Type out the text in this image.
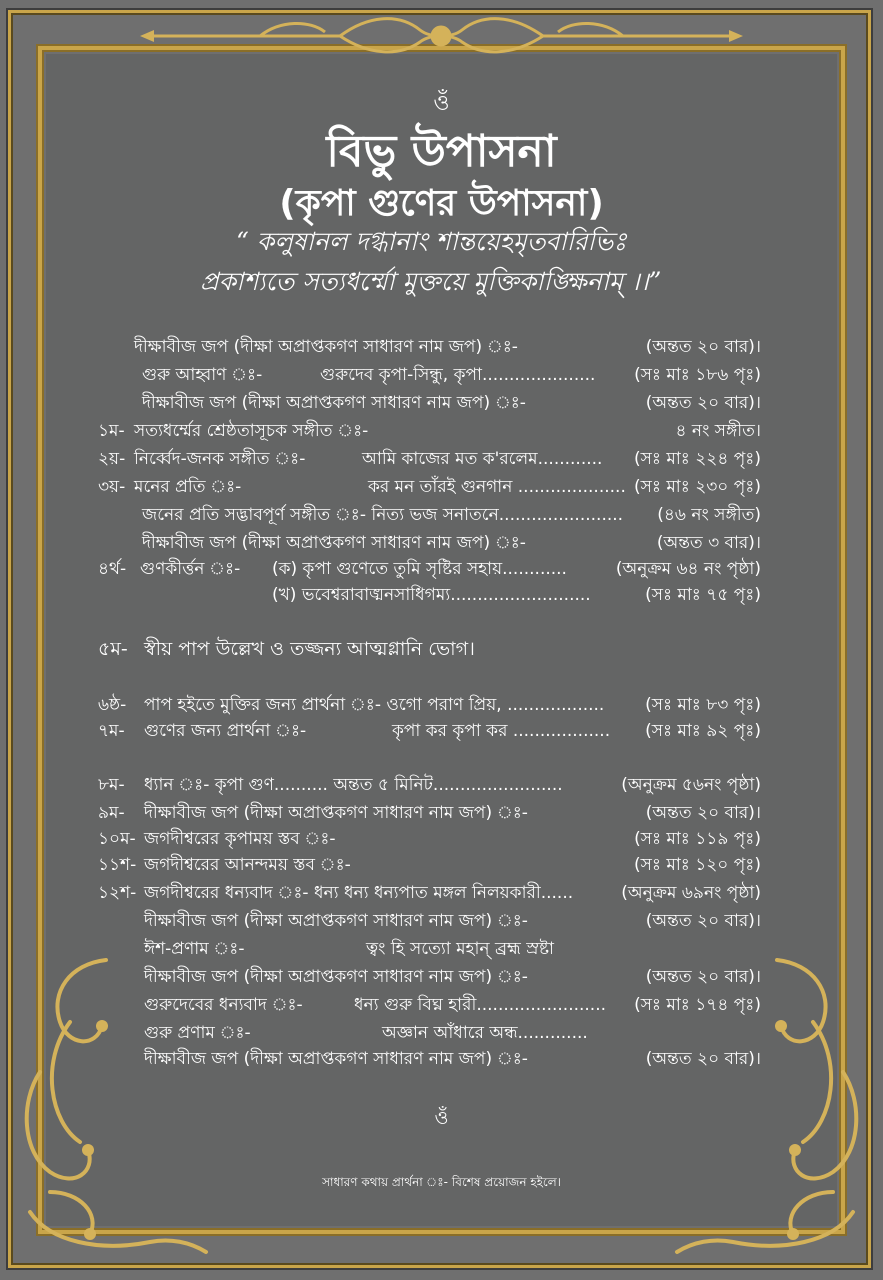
ওঁ
বিভু উপাসনা
(কৃপা গুণের উপাসনা)
“ কলুষানল দগ্ধানাং শান্তয়েহমৃতবারিভিঃ
প্রকাশ্যতে সত্যধর্ম্মো মুক্তয়ে মুক্তিকাঙ্ক্ষিনাম্ ।।”
দীক্ষাবীজ জপ (দীক্ষা অপ্রাপ্তকগণ সাধারণ নাম জপ) ঃ-	(অন্তত ২০ বার)।
গুরু আহ্বাণ ঃ-	গুরুদেব কৃপা-সিন্ধু, কৃপা..................... (সঃ মাঃ ১৮৬ পৃঃ)
দীক্ষাবীজ জপ (দীক্ষা অপ্রাপ্তকগণ সাধারণ নাম জপ) ঃ-	(অন্তত ২০ বার)।
১ম- সত্যধর্ম্মের শ্রেষ্ঠতাসূচক সঙ্গীত ঃ-	৪ নং সঙ্গীত।
২য়- নির্ব্বেদ-জনক সঙ্গীত ঃ-	আমি কাজের মত ক'রলেম............ (সঃ মাঃ ২২৪ পৃঃ)
৩য়- মনের প্রতি ঃ-	কর মন তাঁরই গুনগান .................... (সঃ মাঃ ২৩০ পৃঃ)
জনের প্রতি সদ্ভাবপূর্ণ সঙ্গীত ঃ- নিত্য ভজ সনাতনে....................... (৪৬ নং সঙ্গীত)
দীক্ষাবীজ জপ (দীক্ষা অপ্রাপ্তকগণ সাধারণ নাম জপ) ঃ-	(অন্তত ৩ বার)।
৪র্থ- গুণকীর্ত্তন ঃ- (ক) কৃপা গুণেতে তুমি সৃষ্টির সহায়............	(অনুক্রম ৬৪ নং পৃষ্ঠা)
(খ) ভবেশ্বরাবাঙ্মনসাধিগম্য..........................	(সঃ মাঃ ৭৫ পৃঃ)
৫ম- স্বীয় পাপ উল্লেখ ও তজ্জন্য আত্মগ্লানি ভোগ।
৬ষ্ঠ- পাপ হইতে মুক্তির জন্য প্রার্থনা ঃ- ওগো পরাণ প্রিয়, .................. (সঃ মাঃ ৮৩ পৃঃ)
৭ম- গুণের জন্য প্রার্থনা ঃ-	কৃপা কর কৃপা কর .................. (সঃ মাঃ ৯২ পৃঃ)
৮ম- ধ্যান ঃ- কৃপা গুণ.......... অন্তত ৫ মিনিট........................	(অনুক্রম ৫৬নং পৃষ্ঠা)
৯ম- দীক্ষাবীজ জপ (দীক্ষা অপ্রাপ্তকগণ সাধারণ নাম জপ) ঃ-	(অন্তত ২০ বার)।
১০ম- জগদীশ্বরের কৃপাময় স্তব ঃ-	(সঃ মাঃ ১১৯ পৃঃ)
১১শ- জগদীশ্বরের আনন্দময় স্তব ঃ-	(সঃ মাঃ ১২০ পৃঃ)
১২শ- জগদীশ্বরের ধন্যবাদ ঃ- ধন্য ধন্য ধন্যপাত মঙ্গল নিলয়কারী......	(অনুক্রম ৬৯নং পৃষ্ঠা)
দীক্ষাবীজ জপ (দীক্ষা অপ্রাপ্তকগণ সাধারণ নাম জপ) ঃ-	(অন্তত ২০ বার)।
ঈশ-প্রণাম ঃ-	ত্বং হি সত্যো মহান্ ব্রহ্ম স্রষ্টা
দীক্ষাবীজ জপ (দীক্ষা অপ্রাপ্তকগণ সাধারণ নাম জপ) ঃ-	(অন্তত ২০ বার)।
গুরুদেবের ধন্যবাদ ঃ-	ধন্য গুরু বিঘ্ন হারী........................ (সঃ মাঃ ১৭৪ পৃঃ)
গুরু প্রণাম ঃ-	অজ্ঞান আঁধারে অন্ধ.............
দীক্ষাবীজ জপ (দীক্ষা অপ্রাপ্তকগণ সাধারণ নাম জপ) ঃ-	(অন্তত ২০ বার)।
ওঁ
সাধারণ কথায় প্রার্থনা ঃ- বিশেষ প্রয়োজন হইলে।
